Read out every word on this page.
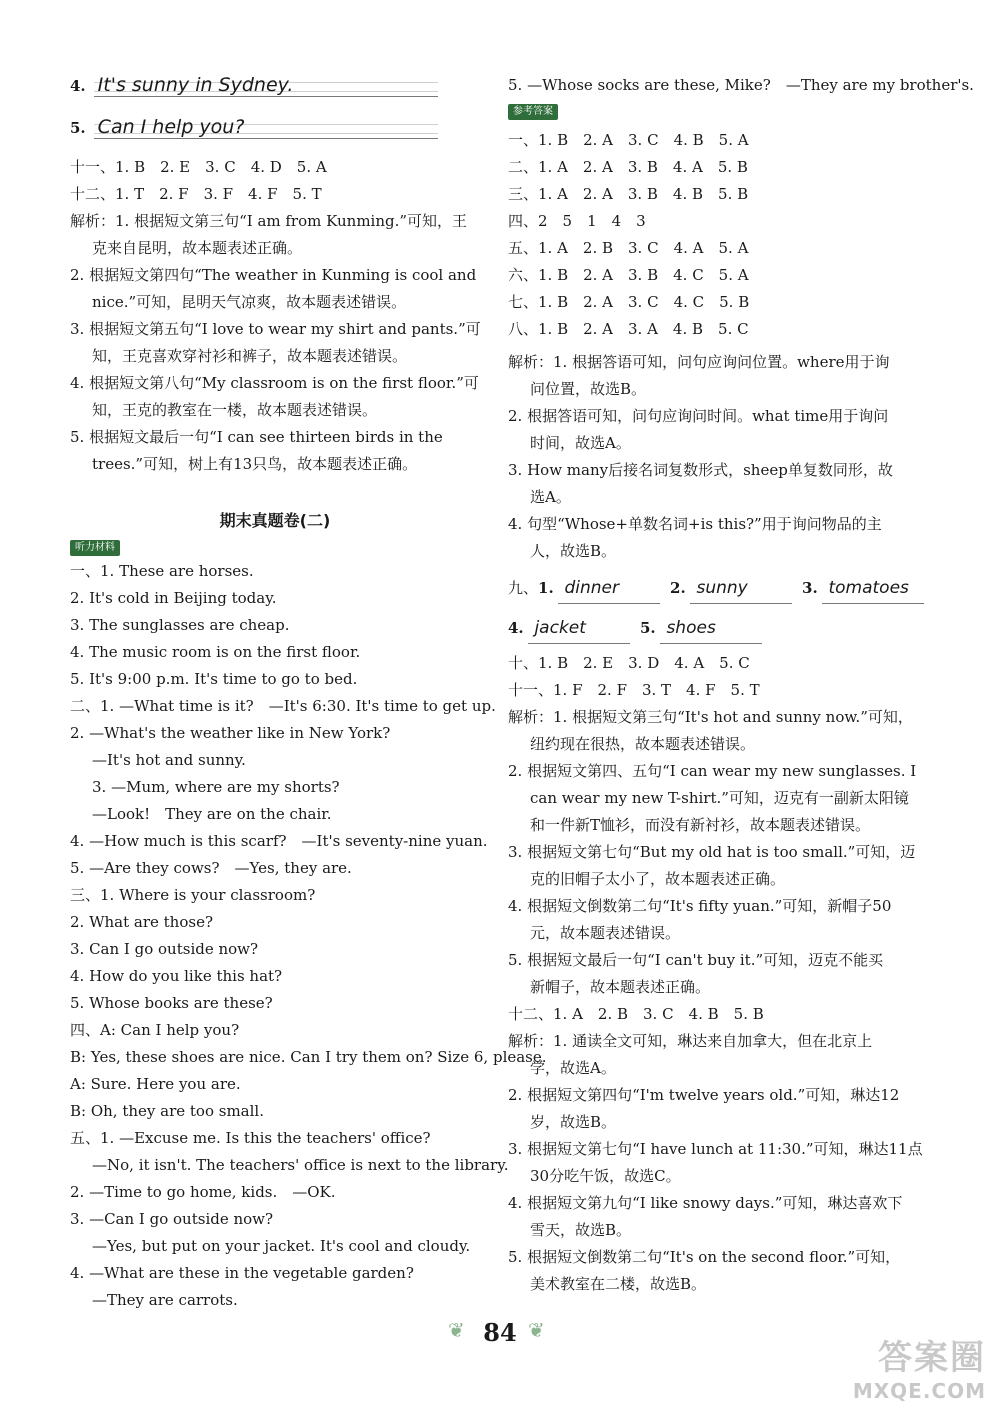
4. It's sunny in Sydney.
5. Can I help you?
十一、1. B　2. E　3. C　4. D　5. A
十二、1. T　2. F　3. F　4. F　5. T
解析：1. 根据短文第三句“I am from Kunming.”可知，王
克来自昆明，故本题表述正确。
2. 根据短文第四句“The weather in Kunming is cool and
nice.”可知，昆明天气凉爽，故本题表述错误。
3. 根据短文第五句“I love to wear my shirt and pants.”可
知，王克喜欢穿衬衫和裤子，故本题表述错误。
4. 根据短文第八句“My classroom is on the first floor.”可
知，王克的教室在一楼，故本题表述错误。
5. 根据短文最后一句“I can see thirteen birds in the
trees.”可知，树上有13只鸟，故本题表述正确。
期末真题卷(二)
听力材料
一、1. These are horses.
2. It's cold in Beijing today.
3. The sunglasses are cheap.
4. The music room is on the first floor.
5. It's 9:00 p.m. It's time to go to bed.
二、1. —What time is it?　—It's 6:30. It's time to get up.
2. —What's the weather like in New York?
—It's hot and sunny.
3. —Mum, where are my shorts?
—Look!　They are on the chair.
4. —How much is this scarf?　—It's seventy-nine yuan.
5. —Are they cows?　—Yes, they are.
三、1. Where is your classroom?
2. What are those?
3. Can I go outside now?
4. How do you like this hat?
5. Whose books are these?
四、A: Can I help you?
B: Yes, these shoes are nice. Can I try them on? Size 6, please.
A: Sure. Here you are.
B: Oh, they are too small.
五、1. —Excuse me. Is this the teachers' office?
—No, it isn't. The teachers' office is next to the library.
2. —Time to go home, kids.　—OK.
3. —Can I go outside now?
—Yes, but put on your jacket. It's cool and cloudy.
4. —What are these in the vegetable garden?
—They are carrots.
5. —Whose socks are these, Mike?　—They are my brother's.
参考答案
一、1. B　2. A　3. C　4. B　5. A
二、1. A　2. A　3. B　4. A　5. B
三、1. A　2. A　3. B　4. B　5. B
四、2　5　1　4　3
五、1. A　2. B　3. C　4. A　5. A
六、1. B　2. A　3. B　4. C　5. A
七、1. B　2. A　3. C　4. C　5. B
八、1. B　2. A　3. A　4. B　5. C
解析：1. 根据答语可知，问句应询问位置。where用于询
问位置，故选B。
2. 根据答语可知，问句应询问时间。what time用于询问
时间，故选A。
3. How many后接名词复数形式，sheep单复数同形，故
选A。
4. 句型“Whose+单数名词+is this?”用于询问物品的主
人，故选B。
九、1. dinner	2. sunny	3. tomatoes
4. jacket	5. shoes
十、1. B　2. E　3. D　4. A　5. C
十一、1. F　2. F　3. T　4. F　5. T
解析：1. 根据短文第三句“It's hot and sunny now.”可知，
纽约现在很热，故本题表述错误。
2. 根据短文第四、五句“I can wear my new sunglasses. I
can wear my new T-shirt.”可知，迈克有一副新太阳镜
和一件新T恤衫，而没有新衬衫，故本题表述错误。
3. 根据短文第七句“But my old hat is too small.”可知，迈
克的旧帽子太小了，故本题表述正确。
4. 根据短文倒数第二句“It's fifty yuan.”可知，新帽子50
元，故本题表述错误。
5. 根据短文最后一句“I can't buy it.”可知，迈克不能买
新帽子，故本题表述正确。
十二、1. A　2. B　3. C　4. B　5. B
解析：1. 通读全文可知，琳达来自加拿大，但在北京上
学，故选A。
2. 根据短文第四句“I'm twelve years old.”可知，琳达12
岁，故选B。
3. 根据短文第七句“I have lunch at 11:30.”可知，琳达11点
30分吃午饭，故选C。
4. 根据短文第九句“I like snowy days.”可知，琳达喜欢下
雪天，故选B。
5. 根据短文倒数第二句“It's on the second floor.”可知，
美术教室在二楼，故选B。
❦ 84 ❦
答案圈
MXQE.COM
